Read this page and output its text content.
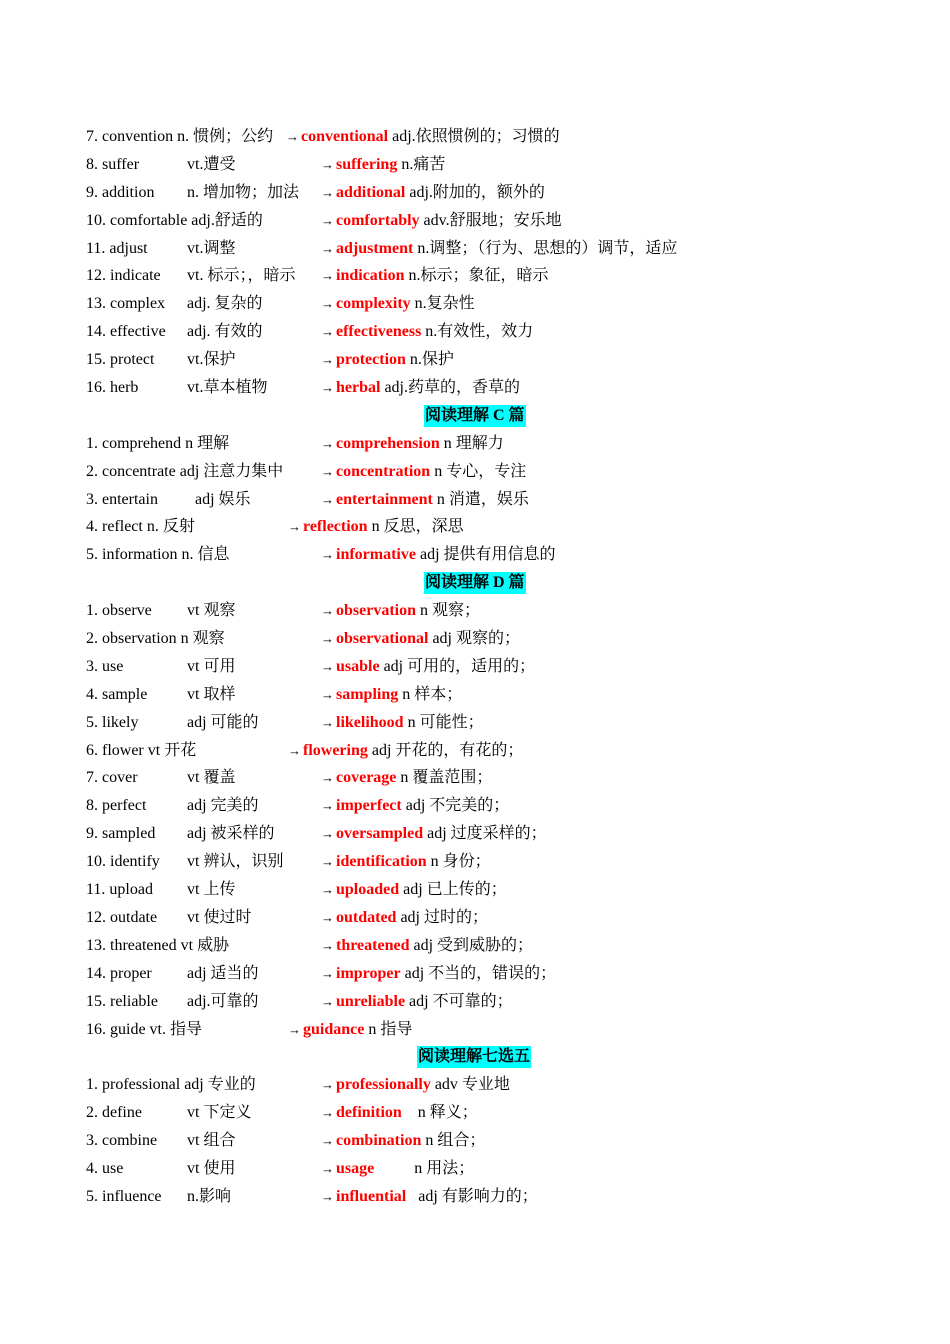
7. convention n. 惯例；公约 → conventional adj.依照惯例的；习惯的
8. suffer	vt.遭受	→ suffering n.痛苦
9. addition n. 增加物；加法 → additional adj.附加的，额外的
10. comfortable adj.舒适的	→ comfortably adv.舒服地；安乐地
11. adjust vt.调整	→ adjustment n.调整；（行为、思想的）调节，适应
12. indicate vt. 标示；，暗示 → indication n.标示；象征，暗示
13. complex adj. 复杂的	→ complexity n.复杂性
14. effective adj. 有效的	→ effectiveness n.有效性，效力
15. protect vt.保护	→ protection n.保护
16. herb	vt.草本植物	→ herbal adj.药草的，香草的
阅读理解 C 篇
1. comprehend n 理解	→ comprehension n 理解力
2. concentrate adj 注意力集中	→ concentration n 专心，专注
3. entertain adj 娱乐	→ entertainment n 消遣，娱乐
4. reflect n. 反射	→ reflection n 反思，深思
5. information n. 信息	→ informative adj 提供有用信息的
阅读理解 D 篇
1. observe vt 观察	→ observation n 观察；
2. observation n 观察	→ observational adj 观察的；
3. use	vt 可用	→ usable adj 可用的，适用的；
4. sample vt 取样	→ sampling n 样本；
5. likely	adj 可能的	→ likelihood n 可能性；
6. flower vt 开花	→ flowering adj 开花的，有花的；
7. cover	vt 覆盖	→ coverage n 覆盖范围；
8. perfect	adj 完美的	→ imperfect adj 不完美的；
9. sampled adj 被采样的	→ oversampled adj 过度采样的；
10. identify vt 辨认，识别	→ identification n 身份；
11. upload vt 上传	→ uploaded adj 已上传的；
12. outdate vt 使过时	→ outdated adj 过时的；
13. threatened vt 威胁	→ threatened adj 受到威胁的；
14. proper adj 适当的	→ improper adj 不当的，错误的；
15. reliable adj.可靠的	→ unreliable adj 不可靠的；
16. guide vt. 指导	→ guidance n 指导
阅读理解七选五
1. professional adj 专业的	→ professionally adv 专业地
2. define	vt 下定义	→ definition    n 释义；
3. combine vt 组合	→ combination n 组合；
4. use	vt 使用	→ usage          n 用法；
5. influence n.影响	→ influential   adj 有影响力的；
